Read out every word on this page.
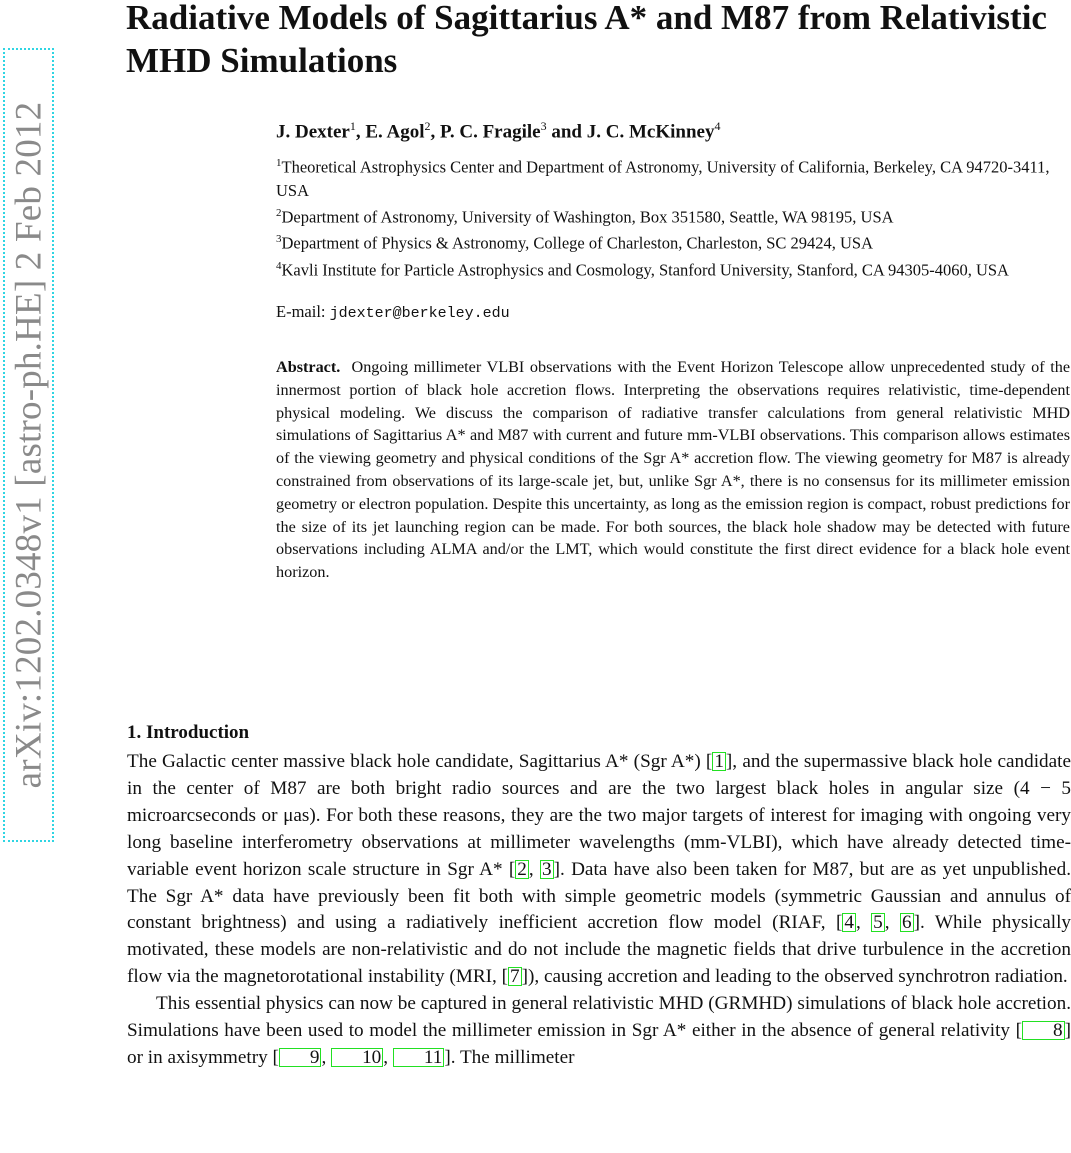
arXiv:1202.0348v1 [astro-ph.HE] 2 Feb 2012
Radiative Models of Sagittarius A* and M87 from Relativistic MHD Simulations
J. Dexter$^1$, E. Agol$^2$, P. C. Fragile$^3$ and J. C. McKinney$^4$
$^1$Theoretical Astrophysics Center and Department of Astronomy, University of California, Berkeley, CA 94720-3411, USA
$^2$Department of Astronomy, University of Washington, Box 351580, Seattle, WA 98195, USA
$^3$Department of Physics & Astronomy, College of Charleston, Charleston, SC 29424, USA
$^4$Kavli Institute for Particle Astrophysics and Cosmology, Stanford University, Stanford, CA 94305-4060, USA
E-mail: jdexter@berkeley.edu

Abstract. Ongoing millimeter VLBI observations with the Event Horizon Telescope allow unprecedented study of the innermost portion of black hole accretion flows. Interpreting the observations requires relativistic, time-dependent physical modeling. We discuss the comparison of radiative transfer calculations from general relativistic MHD simulations of Sagittarius A* and M87 with current and future mm-VLBI observations. This comparison allows estimates of the viewing geometry and physical conditions of the Sgr A* accretion flow. The viewing geometry for M87 is already constrained from observations of its large-scale jet, but, unlike Sgr A*, there is no consensus for its millimeter emission geometry or electron population. Despite this uncertainty, as long as the emission region is compact, robust predictions for the size of its jet launching region can be made. For both sources, the black hole shadow may be detected with future observations including ALMA and/or the LMT, which would constitute the first direct evidence for a black hole event horizon.

1. Introduction

The Galactic center massive black hole candidate, Sagittarius A* (Sgr A*) [ 1 ], and the supermassive black hole candidate in the center of M87 are both bright radio sources and are the two largest black holes in angular size (4 − 5 microarcseconds or μas). For both these reasons, they are the two major targets of interest for imaging with ongoing very long baseline interferometry observations at millimeter wavelengths (mm-VLBI), which have already detected time-variable event horizon scale structure in Sgr A* [ 2 , 3 ]. Data have also been taken for M87, but are as yet unpublished. The Sgr A* data have previously been fit both with simple geometric models (symmetric Gaussian and annulus of constant brightness) and using a radiatively inefficient accretion flow model (RIAF, [ 4 , 5 , 6 ]. While physically motivated, these models are non-relativistic and do not include the magnetic fields that drive turbulence in the accretion flow via the magnetorotational instability (MRI, [ 7 ]), causing accretion and leading to the observed synchrotron radiation.

This essential physics can now be captured in general relativistic MHD (GRMHD) simulations of black hole accretion. Simulations have been used to model the millimeter emission in Sgr A* either in the absence of general relativity [ 8 ] or in axisymmetry [ 9 , 10 , 11 ]. The millimeter
